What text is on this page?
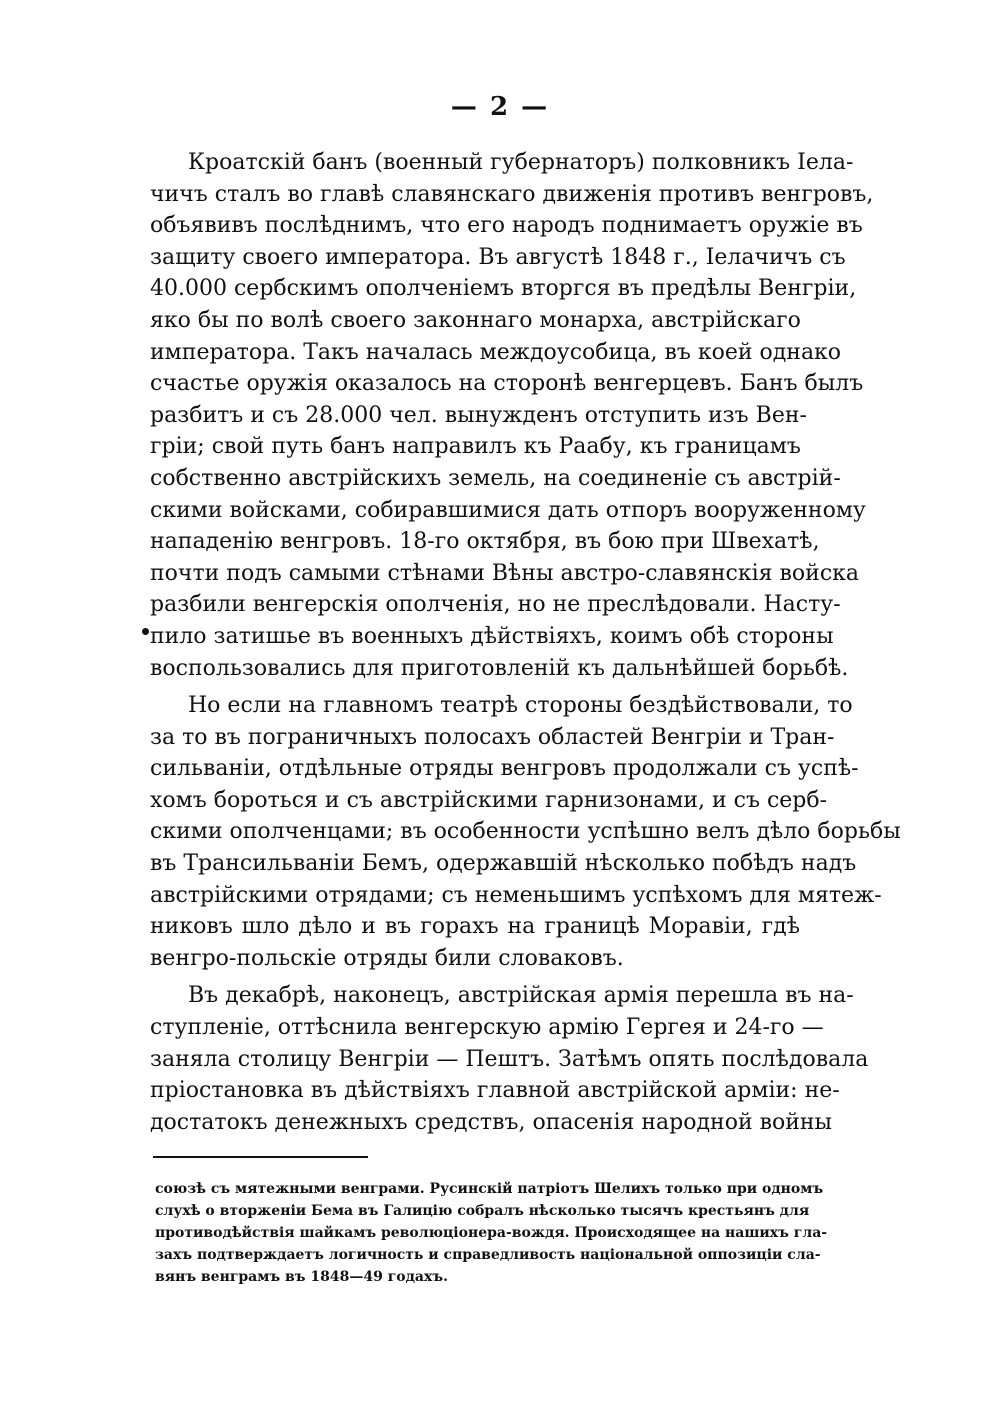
— 2 —
Кроатскій банъ (военный губернаторъ) полковникъ Іела-
чичъ сталъ во главѣ славянскаго движенія противъ венгровъ,
объявивъ послѣднимъ, что его народъ поднимаетъ оружіе въ
защиту своего императора. Въ августѣ 1848 г., Іелачичъ съ
40.000 сербскимъ ополченіемъ вторгся въ предѣлы Венгріи,
яко бы по волѣ своего законнаго монарха, австрійскаго
императора. Такъ началась междоусобица, въ коей однако
счастье оружія оказалось на сторонѣ венгерцевъ. Банъ былъ
разбитъ и съ 28.000 чел. вынужденъ отступить изъ Вен-
гріи; свой путь банъ направилъ къ Раабу, къ границамъ
собственно австрійскихъ земель, на соединеніе съ австрій-
скими войсками, собиравшимися дать отпоръ вооруженному
нападенію венгровъ. 18-го октября, въ бою при Швехатѣ,
почти подъ самыми стѣнами Вѣны австро-славянскія войска
разбили венгерскія ополченія, но не преслѣдовали. Насту-
пило затишье въ военныхъ дѣйствіяхъ, коимъ обѣ стороны
воспользовались для приготовленій къ дальнѣйшей борьбѣ.
Но если на главномъ театрѣ стороны бездѣйствовали, то
за то въ пограничныхъ полосахъ областей Венгріи и Тран-
сильваніи, отдѣльные отряды венгровъ продолжали съ успѣ-
хомъ бороться и съ австрійскими гарнизонами, и съ серб-
скими ополченцами; въ особенности успѣшно велъ дѣло борьбы
въ Трансильваніи Бемъ, одержавшій нѣсколько побѣдъ надъ
австрійскими отрядами; съ неменьшимъ успѣхомъ для мятеж-
никовъ шло дѣло и въ горахъ на границѣ Моравіи, гдѣ
венгро-польскіе отряды били словаковъ.
Въ декабрѣ, наконецъ, австрійская армія перешла въ на-
ступленіе, оттѣснила венгерскую армію Гергея и 24-го —
заняла столицу Венгріи — Пештъ. Затѣмъ опять послѣдовала
пріостановка въ дѣйствіяхъ главной австрійской арміи: не-
достатокъ денежныхъ средствъ, опасенія народной войны
союзѣ съ мятежными венграми. Русинскій патріотъ Шелихъ только при одномъ
слухѣ о вторженіи Бема въ Галицію собралъ нѣсколько тысячъ крестьянъ для
противодѣйствія шайкамъ революціонера-вождя. Происходящее на нашихъ гла-
захъ подтверждаетъ логичность и справедливость національной оппозиціи сла-
вянъ венграмъ въ 1848—49 годахъ.
